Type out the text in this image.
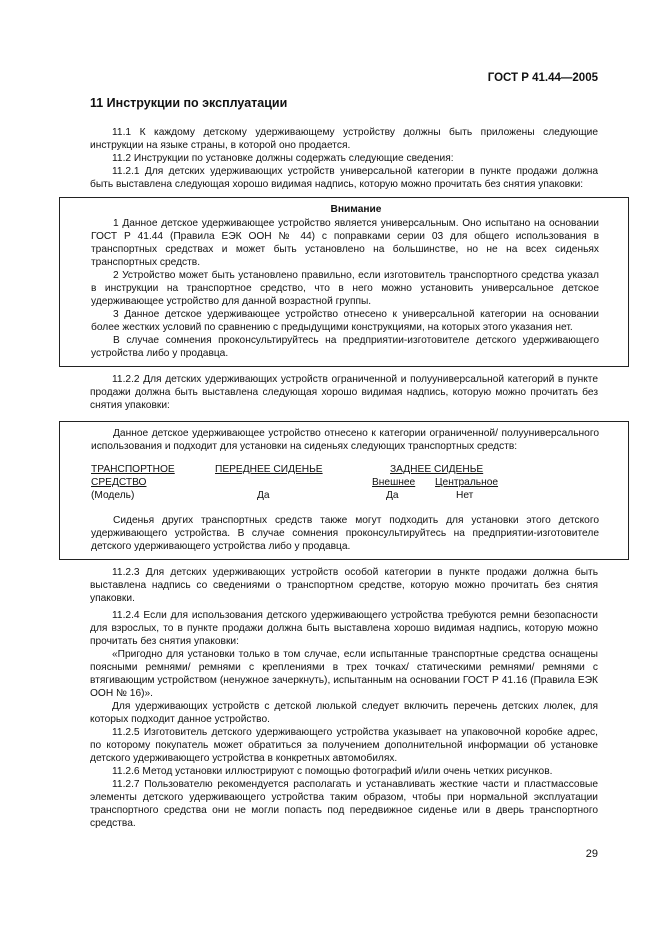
ГОСТ Р 41.44—2005
11 Инструкции по эксплуатации

11.1 К каждому детскому удерживающему устройству должны быть приложены следующие инструкции на языке страны, в которой оно продается.

11.2 Инструкции по установке должны содержать следующие сведения:

11.2.1 Для детских удерживающих устройств универсальной категории в пункте продажи должна быть выставлена следующая хорошо видимая надпись, которую можно прочитать без снятия упаковки:

Внимание

1 Данное детское удерживающее устройство является универсальным. Оно испытано на основании ГОСТ Р 41.44 (Правила ЕЭК ООН № 44) с поправками серии 03 для общего использования в транспортных средствах и может быть установлено на большинстве, но не на всех сиденьях транспортных средств.

2 Устройство может быть установлено правильно, если изготовитель транспортного средства указал в инструкции на транспортное средство, что в него можно установить универсальное детское удерживающее устройство для данной возрастной группы.

3 Данное детское удерживающее устройство отнесено к универсальной категории на основании более жестких условий по сравнению с предыдущими конструкциями, на которых этого указания нет.

В случае сомнения проконсультируйтесь на предприятии-изготовителе детского удерживающего устройства либо у продавца.

11.2.2 Для детских удерживающих устройств ограниченной и полууниверсальной категорий в пункте продажи должна быть выставлена следующая хорошо видимая надпись, которую можно прочитать без снятия упаковки:

Данное детское удерживающее устройство отнесено к категории ограниченной/ полууниверсального использования и подходит для установки на сиденьях следующих транспортных средств:

ТРАНСПОРТНОЕ
СРЕДСТВО
(Модель)
ПЕРЕДНЕЕ СИДЕНЬЕ
Да
ЗАДНЕЕ СИДЕНЬЕ
Внешнее
Да
Центральное
Нет

Сиденья других транспортных средств также могут подходить для установки этого детского удерживающего устройства. В случае сомнения проконсультируйтесь на предприятии-изготовителе детского удерживающего устройства либо у продавца.

11.2.3 Для детских удерживающих устройств особой категории в пункте продажи должна быть выставлена надпись со сведениями о транспортном средстве, которую можно прочитать без снятия упаковки.

11.2.4 Если для использования детского удерживающего устройства требуются ремни безопасности для взрослых, то в пункте продажи должна быть выставлена хорошо видимая надпись, которую можно прочитать без снятия упаковки:

«Пригодно для установки только в том случае, если испытанные транспортные средства оснащены поясными ремнями/ ремнями с креплениями в трех точках/ статическими ремнями/ ремнями с втягивающим устройством (ненужное зачеркнуть), испытанным на основании ГОСТ Р 41.16 (Правила ЕЭК ООН № 16)».

Для удерживающих устройств с детской люлькой следует включить перечень детских люлек, для которых подходит данное устройство.

11.2.5 Изготовитель детского удерживающего устройства указывает на упаковочной коробке адрес, по которому покупатель может обратиться за получением дополнительной информации об установке детского удерживающего устройства в конкретных автомобилях.

11.2.6 Метод установки иллюстрируют с помощью фотографий и/или очень четких рисунков.

11.2.7 Пользователю рекомендуется располагать и устанавливать жесткие части и пластмассовые элементы детского удерживающего устройства таким образом, чтобы при нормальной эксплуатации транспортного средства они не могли попасть под передвижное сиденье или в дверь транспортного средства.

29
